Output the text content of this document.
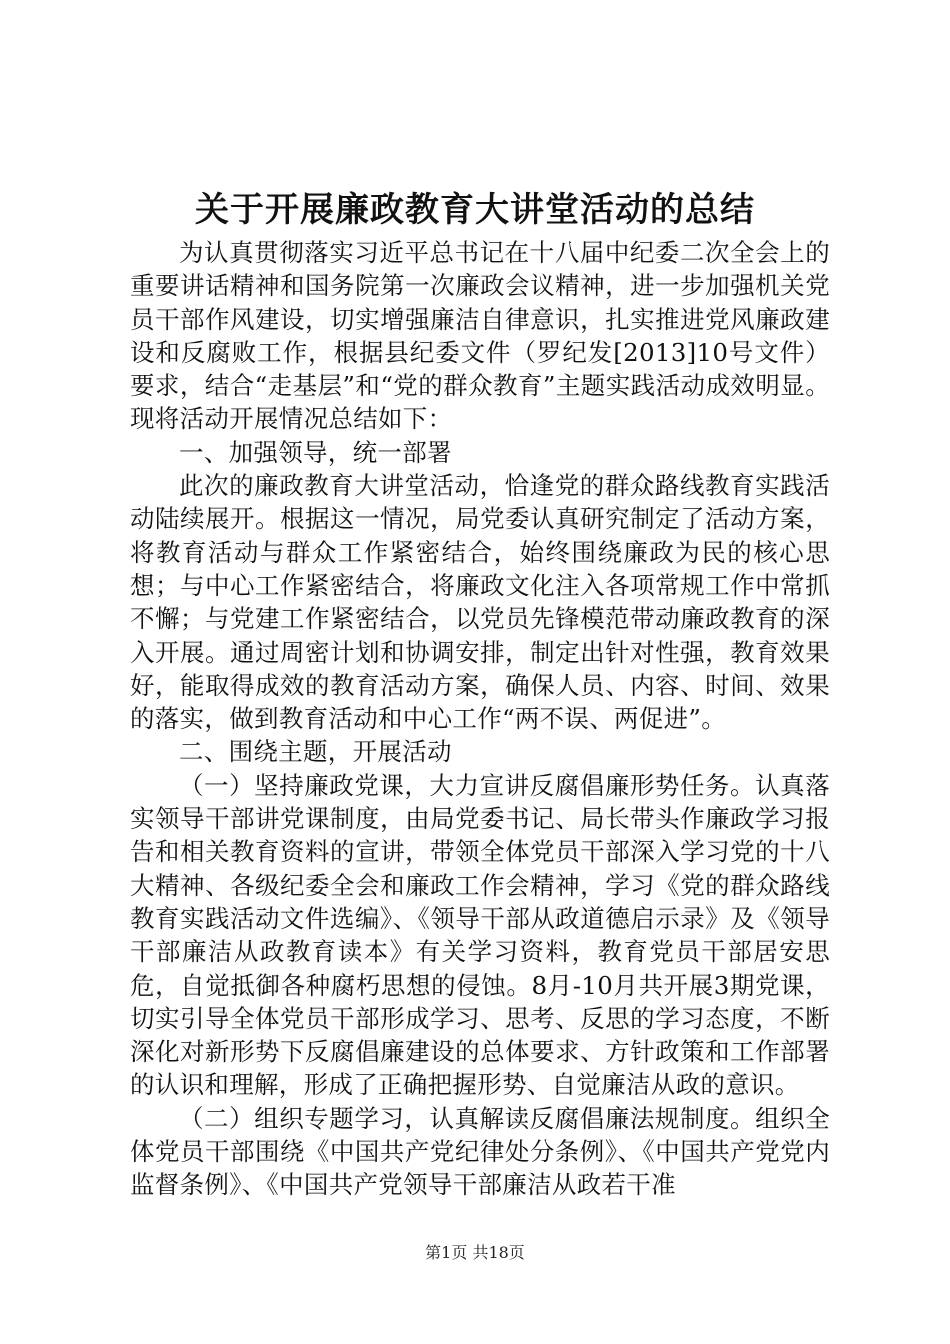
关于开展廉政教育大讲堂活动的总结

为认真贯彻落实习近平总书记在十八届中纪委二次全会上的重要讲话精神和国务院第一次廉政会议精神，进一步加强机关党员干部作风建设，切实增强廉洁自律意识，扎实推进党风廉政建设和反腐败工作，根据县纪委文件（罗纪发[2013]10号文件）要求，结合“走基层”和“党的群众教育”主题实践活动成效明显。现将活动开展情况总结如下：

一、加强领导，统一部署

此次的廉政教育大讲堂活动，恰逢党的群众路线教育实践活动陆续展开。根据这一情况，局党委认真研究制定了活动方案，将教育活动与群众工作紧密结合，始终围绕廉政为民的核心思想；与中心工作紧密结合，将廉政文化注入各项常规工作中常抓不懈；与党建工作紧密结合，以党员先锋模范带动廉政教育的深入开展。通过周密计划和协调安排，制定出针对性强，教育效果好，能取得成效的教育活动方案，确保人员、内容、时间、效果的落实，做到教育活动和中心工作“两不误、两促进”。

二、围绕主题，开展活动

（一）坚持廉政党课，大力宣讲反腐倡廉形势任务。认真落实领导干部讲党课制度，由局党委书记、局长带头作廉政学习报告和相关教育资料的宣讲，带领全体党员干部深入学习党的十八大精神、各级纪委全会和廉政工作会精神，学习《党的群众路线教育实践活动文件选编》、《领导干部从政道德启示录》及《领导干部廉洁从政教育读本》有关学习资料，教育党员干部居安思危，自觉抵御各种腐朽思想的侵蚀。8月-10月共开展3期党课，切实引导全体党员干部形成学习、思考、反思的学习态度，不断深化对新形势下反腐倡廉建设的总体要求、方针政策和工作部署的认识和理解，形成了正确把握形势、自觉廉洁从政的意识。

（二）组织专题学习，认真解读反腐倡廉法规制度。组织全体党员干部围绕《中国共产党纪律处分条例》、《中国共产党党内监督条例》、《中国共产党领导干部廉洁从政若干准

第1页 共18页
